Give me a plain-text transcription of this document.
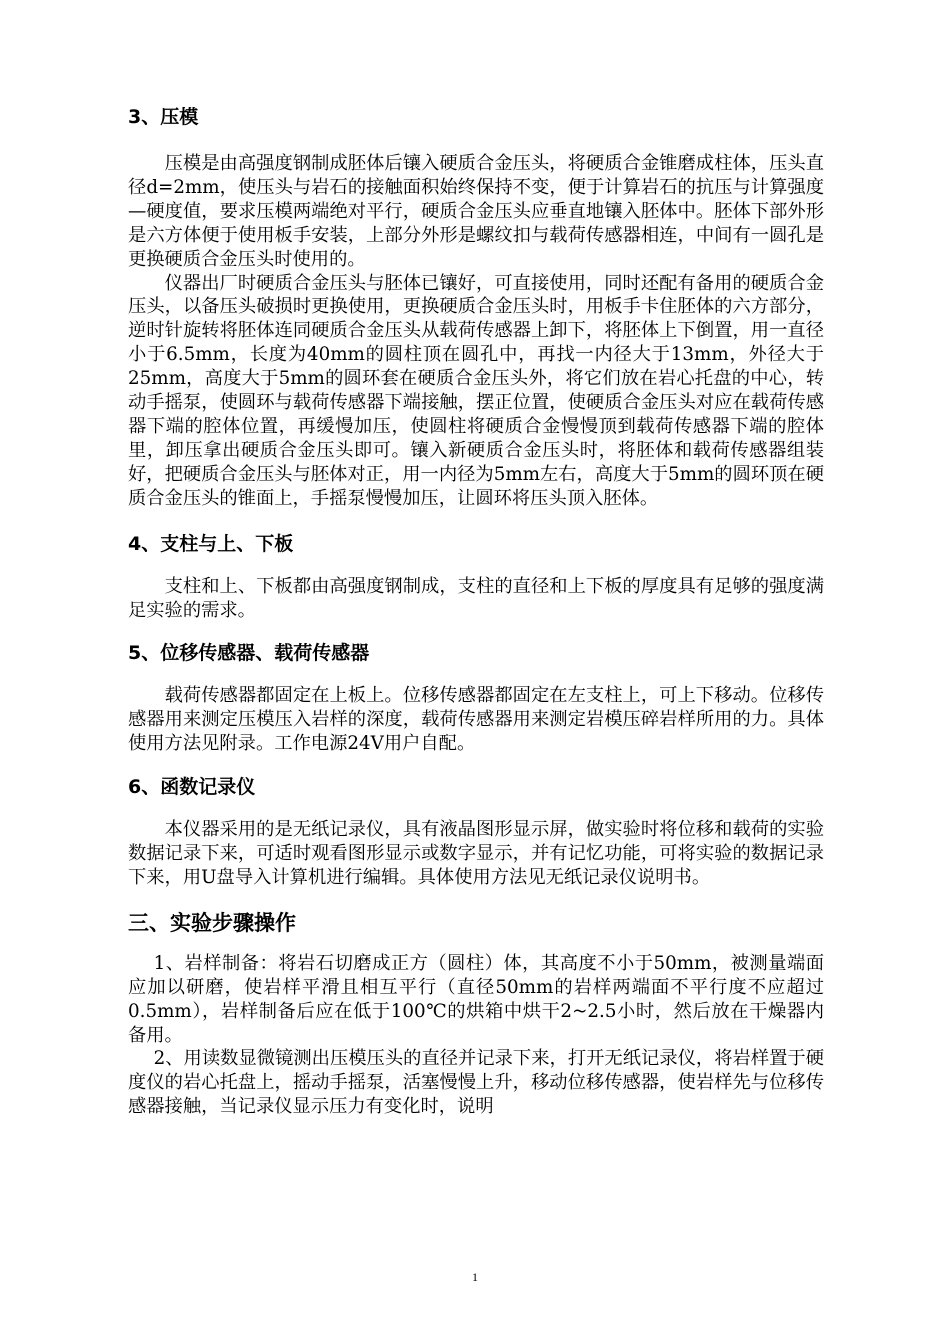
3、压模

压模是由高强度钢制成胚体后镶入硬质合金压头，将硬质合金锥磨成柱体，压头直径d=2mm，使压头与岩石的接触面积始终保持不变，便于计算岩石的抗压与计算强度—硬度值，要求压模两端绝对平行，硬质合金压头应垂直地镶入胚体中。胚体下部外形是六方体便于使用板手安装，上部分外形是螺纹扣与载荷传感器相连，中间有一圆孔是更换硬质合金压头时使用的。

仪器出厂时硬质合金压头与胚体已镶好，可直接使用，同时还配有备用的硬质合金压头，以备压头破损时更换使用，更换硬质合金压头时，用板手卡住胚体的六方部分，逆时针旋转将胚体连同硬质合金压头从载荷传感器上卸下，将胚体上下倒置，用一直径小于6.5mm，长度为40mm的圆柱顶在圆孔中，再找一内径大于13mm，外径大于25mm，高度大于5mm的圆环套在硬质合金压头外，将它们放在岩心托盘的中心，转动手摇泵，使圆环与载荷传感器下端接触，摆正位置，使硬质合金压头对应在载荷传感器下端的腔体位置，再缓慢加压，使圆柱将硬质合金慢慢顶到载荷传感器下端的腔体里，卸压拿出硬质合金压头即可。镶入新硬质合金压头时，将胚体和载荷传感器组装好，把硬质合金压头与胚体对正，用一内径为5mm左右，高度大于5mm的圆环顶在硬质合金压头的锥面上，手摇泵慢慢加压，让圆环将压头顶入胚体。

4、支柱与上、下板

支柱和上、下板都由高强度钢制成，支柱的直径和上下板的厚度具有足够的强度满足实验的需求。

5、位移传感器、载荷传感器

载荷传感器都固定在上板上。位移传感器都固定在左支柱上，可上下移动。位移传感器用来测定压模压入岩样的深度，载荷传感器用来测定岩模压碎岩样所用的力。具体使用方法见附录。工作电源24V用户自配。

6、函数记录仪

本仪器采用的是无纸记录仪，具有液晶图形显示屏，做实验时将位移和载荷的实验数据记录下来，可适时观看图形显示或数字显示，并有记忆功能，可将实验的数据记录下来，用U盘导入计算机进行编辑。具体使用方法见无纸记录仪说明书。

三、实验步骤操作

1、岩样制备：将岩石切磨成正方（圆柱）体，其高度不小于50mm，被测量端面应加以研磨，使岩样平滑且相互平行（直径50mm的岩样两端面不平行度不应超过0.5mm），岩样制备后应在低于100℃的烘箱中烘干2~2.5小时，然后放在干燥器内备用。

2、用读数显微镜测出压模压头的直径并记录下来，打开无纸记录仪，将岩样置于硬度仪的岩心托盘上，摇动手摇泵，活塞慢慢上升，移动位移传感器，使岩样先与位移传感器接触，当记录仪显示压力有变化时，说明

1
